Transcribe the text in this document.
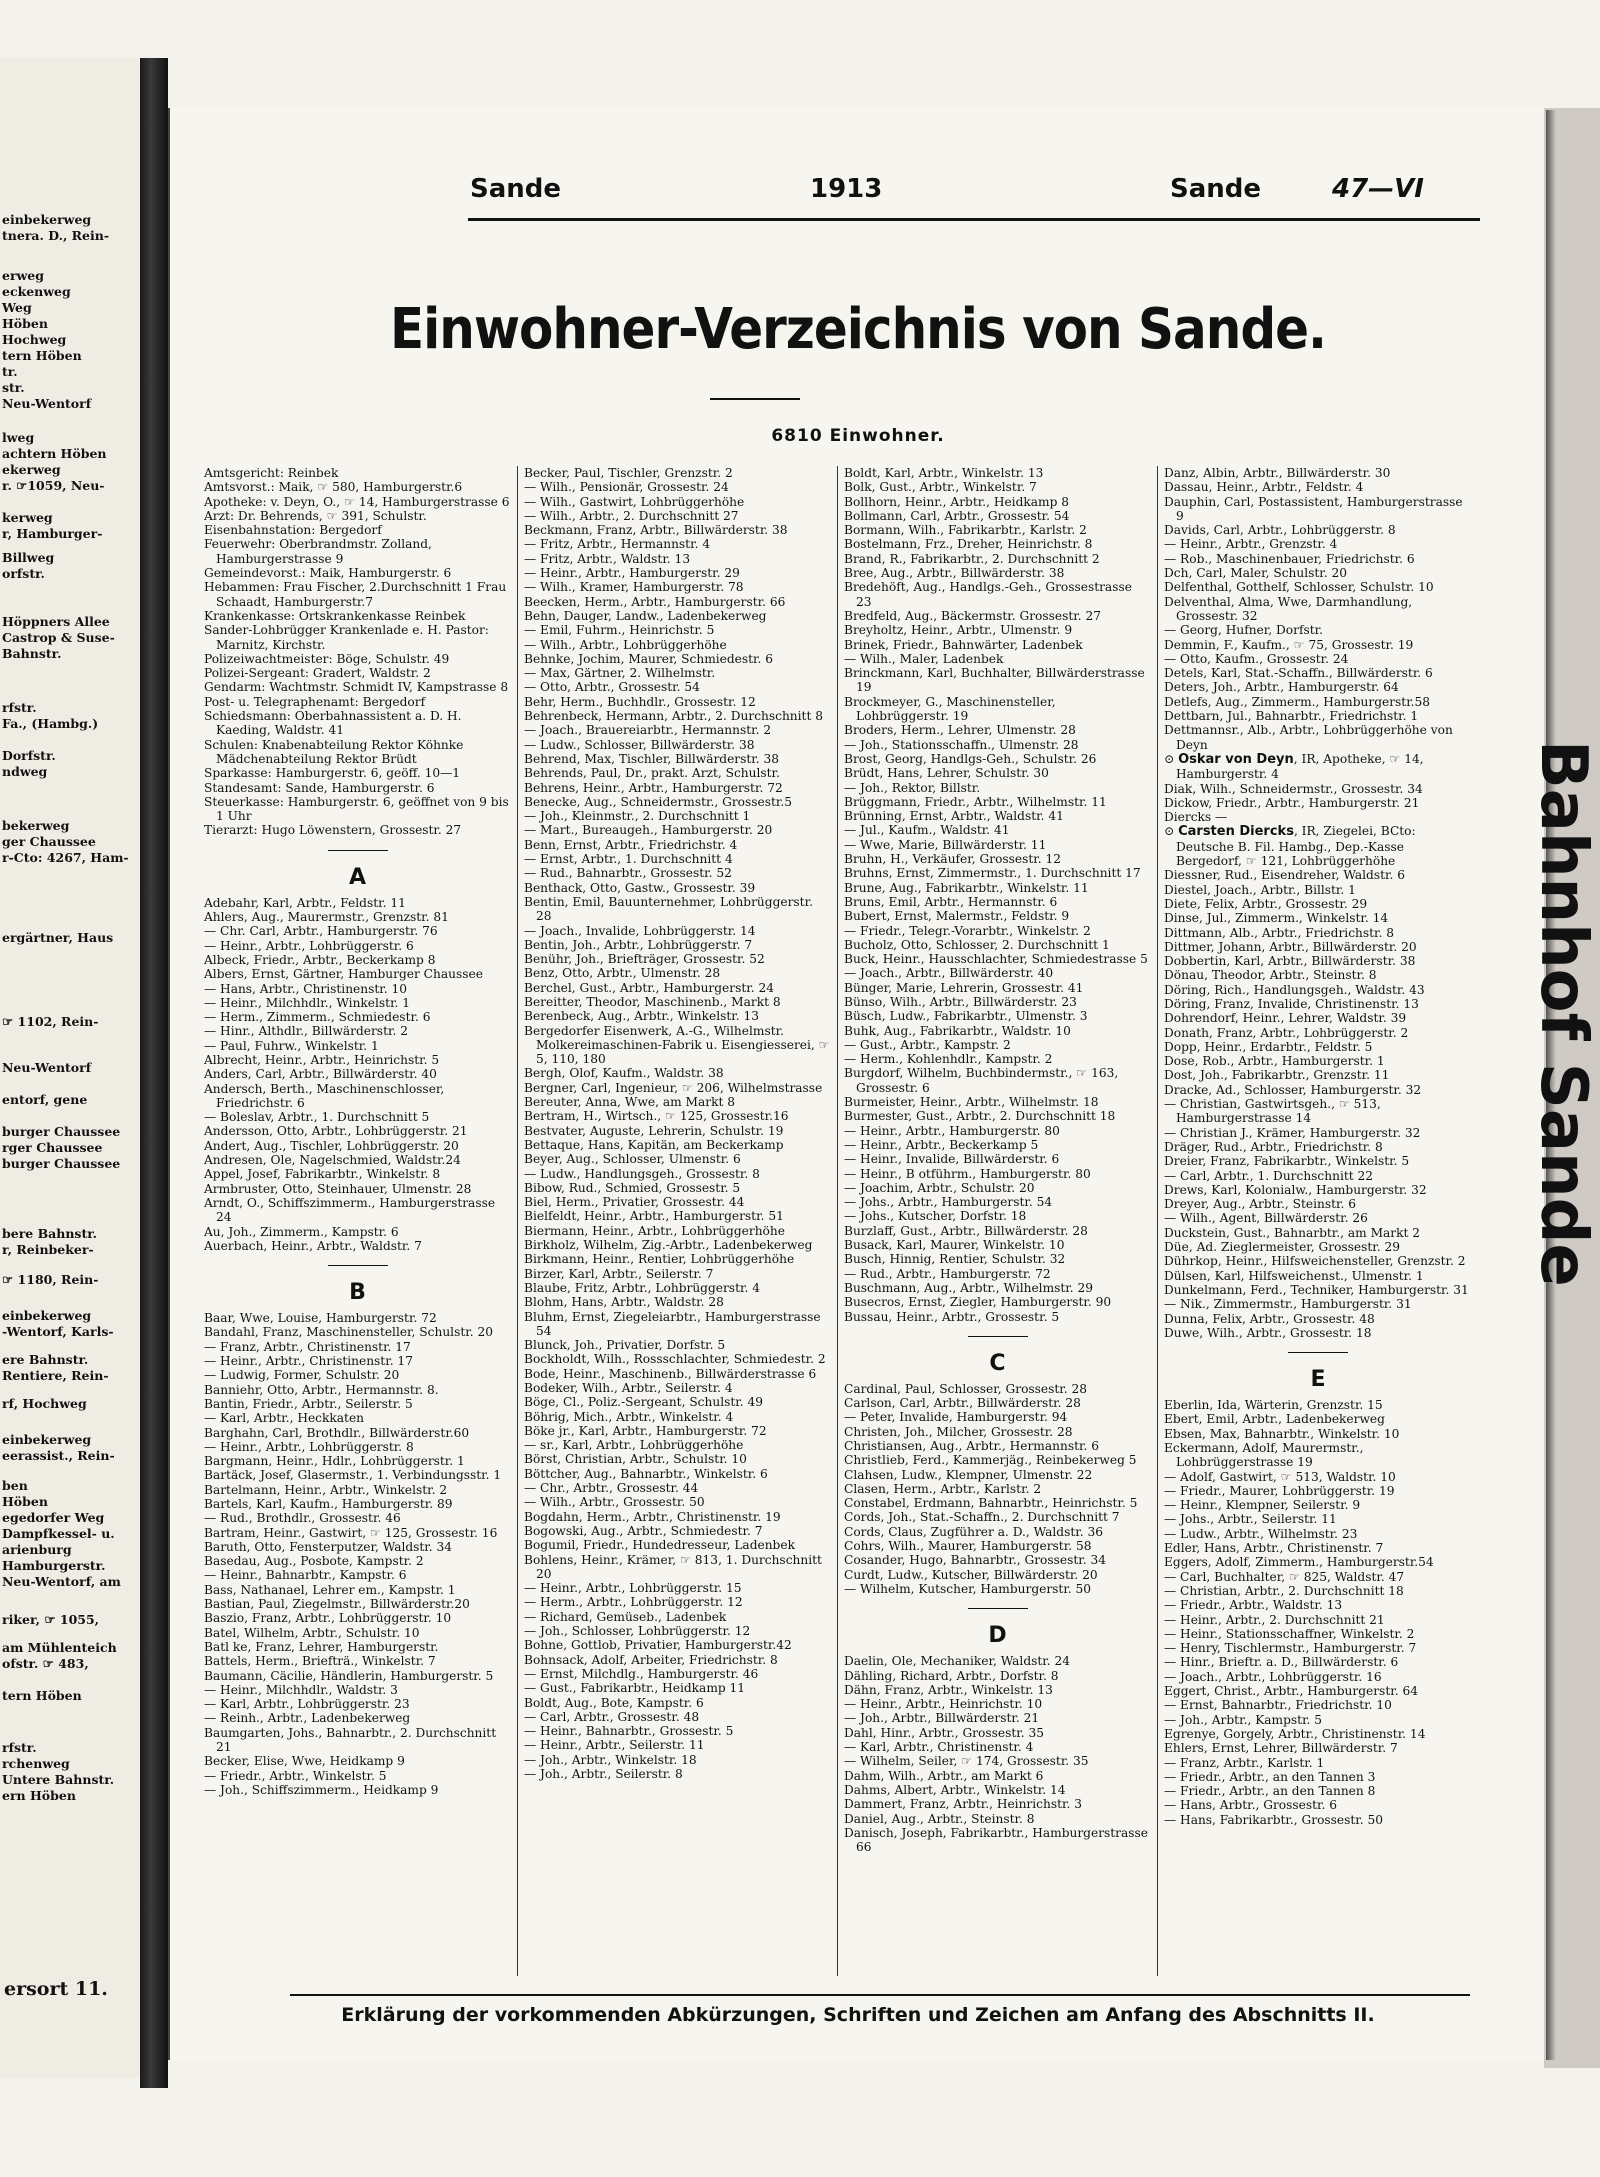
einbekerweg
tnera. D., Rein-
erweg
eckenweg
Weg
Höben
Hochweg
tern Höben
tr.
str.
Neu-Wentorf
lweg
achtern Höben
ekerweg
r. ☞1059, Neu-
kerweg
r, Hamburger-
Billweg
orfstr.
Höppners Allee
Castrop & Suse-
Bahnstr.
rfstr.
Fa., (Hambg.)
Dorfstr.
ndweg
bekerweg
ger Chaussee
r-Cto: 4267, Ham-
ergärtner, Haus
☞ 1102, Rein-
Neu-Wentorf
entorf, gene
burger Chaussee
rger Chaussee
burger Chaussee
bere Bahnstr.
r, Reinbeker-
☞ 1180, Rein-
einbekerweg
-Wentorf, Karls-
ere Bahnstr.
Rentiere, Rein-
rf, Hochweg
einbekerweg
eerassist., Rein-
ben
Höben
egedorfer Weg
Dampfkessel- u.
arienburg
Hamburgerstr.
Neu-Wentorf, am
riker, ☞ 1055,
am Mühlenteich
ofstr. ☞ 483,
tern Höben
rfstr.
rchenweg
Untere Bahnstr.
ern Höben
ersort 11.
Sande	1913	Sande	47—VI
Einwohner-Verzeichnis von Sande.
6810 Einwohner.
Amtsgericht: Reinbek
Amtsvorst.: Maik, ☞ 580, Hamburgerstr.6
Apotheke: v. Deyn, O., ☞ 14, Hamburgerstrasse 6
Arzt: Dr. Behrends, ☞ 391, Schulstr.
Eisenbahnstation: Bergedorf
Feuerwehr: Oberbrandmstr. Zolland, Hamburgerstrasse 9
Gemeindevorst.: Maik, Hamburgerstr. 6
Hebammen: Frau Fischer, 2.Durchschnitt 1 Frau Schaadt, Hamburgerstr.7
Krankenkasse: Ortskrankenkasse Reinbek
Sander-Lohbrügger Krankenlade e. H. Pastor: Marnitz, Kirchstr.
Polizeiwachtmeister: Böge, Schulstr. 49
Polizei-Sergeant: Gradert, Waldstr. 2
Gendarm: Wachtmstr. Schmidt IV, Kampstrasse 8
Post- u. Telegraphenamt: Bergedorf
Schiedsmann: Oberbahnassistent a. D. H. Kaeding, Waldstr. 41
Schulen: Knabenabteilung Rektor Köhnke Mädchenabteilung Rektor Brüdt
Sparkasse: Hamburgerstr. 6, geöff. 10—1
Standesamt: Sande, Hamburgerstr. 6
Steuerkasse: Hamburgerstr. 6, geöffnet von 9 bis 1 Uhr
Tierarzt: Hugo Löwenstern, Grossestr. 27
A
Adebahr, Karl, Arbtr., Feldstr. 11
Ahlers, Aug., Maurermstr., Grenzstr. 81
— Chr. Carl, Arbtr., Hamburgerstr. 76
— Heinr., Arbtr., Lohbrüggerstr. 6
Albeck, Friedr., Arbtr., Beckerkamp 8
Albers, Ernst, Gärtner, Hamburger Chaussee
— Hans, Arbtr., Christinenstr. 10
— Heinr., Milchhdlr., Winkelstr. 1
— Herm., Zimmerm., Schmiedestr. 6
— Hinr., Althdlr., Billwärderstr. 2
— Paul, Fuhrw., Winkelstr. 1
Albrecht, Heinr., Arbtr., Heinrichstr. 5
Anders, Carl, Arbtr., Billwärderstr. 40
Andersch, Berth., Maschinenschlosser, Friedrichstr. 6
— Boleslav, Arbtr., 1. Durchschnitt 5
Andersson, Otto, Arbtr., Lohbrüggerstr. 21
Andert, Aug., Tischler, Lohbrüggerstr. 20
Andresen, Ole, Nagelschmied, Waldstr.24
Appel, Josef, Fabrikarbtr., Winkelstr. 8
Armbruster, Otto, Steinhauer, Ulmenstr. 28
Arndt, O., Schiffszimmerm., Hamburgerstrasse 24
Au, Joh., Zimmerm., Kampstr. 6
Auerbach, Heinr., Arbtr., Waldstr. 7
B
Baar, Wwe, Louise, Hamburgerstr. 72
Bandahl, Franz, Maschinensteller, Schulstr. 20
— Franz, Arbtr., Christinenstr. 17
— Heinr., Arbtr., Christinenstr. 17
— Ludwig, Former, Schulstr. 20
Banniehr, Otto, Arbtr., Hermannstr. 8.
Bantin, Friedr., Arbtr., Seilerstr. 5
— Karl, Arbtr., Heckkaten
Barghahn, Carl, Brothdlr., Billwärderstr.60
— Heinr., Arbtr., Lohbrüggerstr. 8
Bargmann, Heinr., Hdlr., Lohbrüggerstr. 1
Bartäck, Josef, Glasermstr., 1. Verbindungsstr. 1
Bartelmann, Heinr., Arbtr., Winkelstr. 2
Bartels, Karl, Kaufm., Hamburgerstr. 89
— Rud., Brothdlr., Grossestr. 46
Bartram, Heinr., Gastwirt, ☞ 125, Grossestr. 16
Baruth, Otto, Fensterputzer, Waldstr. 34
Basedau, Aug., Posbote, Kampstr. 2
— Heinr., Bahnarbtr., Kampstr. 6
Bass, Nathanael, Lehrer em., Kampstr. 1
Bastian, Paul, Ziegelmstr., Billwärderstr.20
Baszio, Franz, Arbtr., Lohbrüggerstr. 10
Batel, Wilhelm, Arbtr., Schulstr. 10
Batl ke, Franz, Lehrer, Hamburgerstr.
Battels, Herm., Briefträ., Winkelstr. 7
Baumann, Cäcilie, Händlerin, Hamburgerstr. 5
— Heinr., Milchhdlr., Waldstr. 3
— Karl, Arbtr., Lohbrüggerstr. 23
— Reinh., Arbtr., Ladenbekerweg
Baumgarten, Johs., Bahnarbtr., 2. Durchschnitt 21
Becker, Elise, Wwe, Heidkamp 9
— Friedr., Arbtr., Winkelstr. 5
— Joh., Schiffszimmerm., Heidkamp 9
Becker, Paul, Tischler, Grenzstr. 2
— Wilh., Pensionär, Grossestr. 24
— Wilh., Gastwirt, Lohbrüggerhöhe
— Wilh., Arbtr., 2. Durchschnitt 27
Beckmann, Franz, Arbtr., Billwärderstr. 38
— Fritz, Arbtr., Hermannstr. 4
— Fritz, Arbtr., Waldstr. 13
— Heinr., Arbtr., Hamburgerstr. 29
— Wilh., Kramer, Hamburgerstr. 78
Beecken, Herm., Arbtr., Hamburgerstr. 66
Behn, Dauger, Landw., Ladenbekerweg
— Emil, Fuhrm., Heinrichstr. 5
— Wilh., Arbtr., Lohbrüggerhöhe
Behnke, Jochim, Maurer, Schmiedestr. 6
— Max, Gärtner, 2. Wilhelmstr.
— Otto, Arbtr., Grossestr. 54
Behr, Herm., Buchhdlr., Grossestr. 12
Behrenbeck, Hermann, Arbtr., 2. Durchschnitt 8
— Joach., Brauereiarbtr., Hermannstr. 2
— Ludw., Schlosser, Billwärderstr. 38
Behrend, Max, Tischler, Billwärderstr. 38
Behrends, Paul, Dr., prakt. Arzt, Schulstr.
Behrens, Heinr., Arbtr., Hamburgerstr. 72
Benecke, Aug., Schneidermstr., Grossestr.5
— Joh., Kleinmstr., 2. Durchschnitt 1
— Mart., Bureaugeh., Hamburgerstr. 20
Benn, Ernst, Arbtr., Friedrichstr. 4
— Ernst, Arbtr., 1. Durchschnitt 4
— Rud., Bahnarbtr., Grossestr. 52
Benthack, Otto, Gastw., Grossestr. 39
Bentin, Emil, Bauunternehmer, Lohbrüggerstr. 28
— Joach., Invalide, Lohbrüggerstr. 14
Bentin, Joh., Arbtr., Lohbrüggerstr. 7
Benühr, Joh., Briefträger, Grossestr. 52
Benz, Otto, Arbtr., Ulmenstr. 28
Berchel, Gust., Arbtr., Hamburgerstr. 24
Bereitter, Theodor, Maschinenb., Markt 8
Berenbeck, Aug., Arbtr., Winkelstr. 13
Bergedorfer Eisenwerk, A.-G., Wilhelmstr. Molkereimaschinen-Fabrik u. Eisengiesserei, ☞ 5, 110, 180
Bergh, Olof, Kaufm., Waldstr. 38
Bergner, Carl, Ingenieur, ☞ 206, Wilhelmstrasse
Bereuter, Anna, Wwe, am Markt 8
Bertram, H., Wirtsch., ☞ 125, Grossestr.16
Bestvater, Auguste, Lehrerin, Schulstr. 19
Bettaque, Hans, Kapitän, am Beckerkamp
Beyer, Aug., Schlosser, Ulmenstr. 6
— Ludw., Handlungsgeh., Grossestr. 8
Bibow, Rud., Schmied, Grossestr. 5
Biel, Herm., Privatier, Grossestr. 44
Bielfeldt, Heinr., Arbtr., Hamburgerstr. 51
Biermann, Heinr., Arbtr., Lohbrüggerhöhe
Birkholz, Wilhelm, Zig.-Arbtr., Ladenbekerweg
Birkmann, Heinr., Rentier, Lohbrüggerhöhe
Birzer, Karl, Arbtr., Seilerstr. 7
Blaube, Fritz, Arbtr., Lohbrüggerstr. 4
Blohm, Hans, Arbtr., Waldstr. 28
Bluhm, Ernst, Ziegeleiarbtr., Hamburgerstrasse 54
Blunck, Joh., Privatier, Dorfstr. 5
Bockholdt, Wilh., Rossschlachter, Schmiedestr. 2
Bode, Heinr., Maschinenb., Billwärderstrasse 6
Bodeker, Wilh., Arbtr., Seilerstr. 4
Böge, Cl., Poliz.-Sergeant, Schulstr. 49
Böhrig, Mich., Arbtr., Winkelstr. 4
Böke jr., Karl, Arbtr., Hamburgerstr. 72
— sr., Karl, Arbtr., Lohbrüggerhöhe
Börst, Christian, Arbtr., Schulstr. 10
Böttcher, Aug., Bahnarbtr., Winkelstr. 6
— Chr., Arbtr., Grossestr. 44
— Wilh., Arbtr., Grossestr. 50
Bogdahn, Herm., Arbtr., Christinenstr. 19
Bogowski, Aug., Arbtr., Schmiedestr. 7
Bogumil, Friedr., Hundedresseur, Ladenbek
Bohlens, Heinr., Krämer, ☞ 813, 1. Durchschnitt 20
— Heinr., Arbtr., Lohbrüggerstr. 15
— Herm., Arbtr., Lohbrüggerstr. 12
— Richard, Gemüseb., Ladenbek
— Joh., Schlosser, Lohbrüggerstr. 12
Bohne, Gottlob, Privatier, Hamburgerstr.42
Bohnsack, Adolf, Arbeiter, Friedrichstr. 8
— Ernst, Milchdlg., Hamburgerstr. 46
— Gust., Fabrikarbtr., Heidkamp 11
Boldt, Aug., Bote, Kampstr. 6
— Carl, Arbtr., Grossestr. 48
— Heinr., Bahnarbtr., Grossestr. 5
— Heinr., Arbtr., Seilerstr. 11
— Joh., Arbtr., Winkelstr. 18
— Joh., Arbtr., Seilerstr. 8
Boldt, Karl, Arbtr., Winkelstr. 13
Bolk, Gust., Arbtr., Winkelstr. 7
Bollhorn, Heinr., Arbtr., Heidkamp 8
Bollmann, Carl, Arbtr., Grossestr. 54
Bormann, Wilh., Fabrikarbtr., Karlstr. 2
Bostelmann, Frz., Dreher, Heinrichstr. 8
Brand, R., Fabrikarbtr., 2. Durchschnitt 2
Bree, Aug., Arbtr., Billwärderstr. 38
Bredehöft, Aug., Handlgs.-Geh., Grossestrasse 23
Bredfeld, Aug., Bäckermstr. Grossestr. 27
Breyholtz, Heinr., Arbtr., Ulmenstr. 9
Brinek, Friedr., Bahnwärter, Ladenbek
— Wilh., Maler, Ladenbek
Brinckmann, Karl, Buchhalter, Billwärderstrasse 19
Brockmeyer, G., Maschinensteller, Lohbrüggerstr. 19
Broders, Herm., Lehrer, Ulmenstr. 28
— Joh., Stationsschaffn., Ulmenstr. 28
Brost, Georg, Handlgs-Geh., Schulstr. 26
Brüdt, Hans, Lehrer, Schulstr. 30
— Joh., Rektor, Billstr.
Brüggmann, Friedr., Arbtr., Wilhelmstr. 11
Brünning, Ernst, Arbtr., Waldstr. 41
— Jul., Kaufm., Waldstr. 41
— Wwe, Marie, Billwärderstr. 11
Bruhn, H., Verkäufer, Grossestr. 12
Bruhns, Ernst, Zimmermstr., 1. Durchschnitt 17
Brune, Aug., Fabrikarbtr., Winkelstr. 11
Bruns, Emil, Arbtr., Hermannstr. 6
Bubert, Ernst, Malermstr., Feldstr. 9
— Friedr., Telegr.-Vorarbtr., Winkelstr. 2
Bucholz, Otto, Schlosser, 2. Durchschnitt 1
Buck, Heinr., Hausschlachter, Schmiedestrasse 5
— Joach., Arbtr., Billwärderstr. 40
Bünger, Marie, Lehrerin, Grossestr. 41
Bünso, Wilh., Arbtr., Billwärderstr. 23
Büsch, Ludw., Fabrikarbtr., Ulmenstr. 3
Buhk, Aug., Fabrikarbtr., Waldstr. 10
— Gust., Arbtr., Kampstr. 2
— Herm., Kohlenhdlr., Kampstr. 2
Burgdorf, Wilhelm, Buchbindermstr., ☞ 163, Grossestr. 6
Burmeister, Heinr., Arbtr., Wilhelmstr. 18
Burmester, Gust., Arbtr., 2. Durchschnitt 18
— Heinr., Arbtr., Hamburgerstr. 80
— Heinr., Arbtr., Beckerkamp 5
— Heinr., Invalide, Billwärderstr. 6
— Heinr., B otführm., Hamburgerstr. 80
— Joachim, Arbtr., Schulstr. 20
— Johs., Arbtr., Hamburgerstr. 54
— Johs., Kutscher, Dorfstr. 18
Burzlaff, Gust., Arbtr., Billwärderstr. 28
Busack, Karl, Maurer, Winkelstr. 10
Busch, Hinnig, Rentier, Schulstr. 32
— Rud., Arbtr., Hamburgerstr. 72
Buschmann, Aug., Arbtr., Wilhelmstr. 29
Busecros, Ernst, Ziegler, Hamburgerstr. 90
Bussau, Heinr., Arbtr., Grossestr. 5
C
Cardinal, Paul, Schlosser, Grossestr. 28
Carlson, Carl, Arbtr., Billwärderstr. 28
— Peter, Invalide, Hamburgerstr. 94
Christen, Joh., Milcher, Grossestr. 28
Christiansen, Aug., Arbtr., Hermannstr. 6
Christlieb, Ferd., Kammerjäg., Reinbekerweg 5
Clahsen, Ludw., Klempner, Ulmenstr. 22
Clasen, Herm., Arbtr., Karlstr. 2
Constabel, Erdmann, Bahnarbtr., Heinrichstr. 5
Cords, Joh., Stat.-Schaffn., 2. Durchschnitt 7
Cords, Claus, Zugführer a. D., Waldstr. 36
Cohrs, Wilh., Maurer, Hamburgerstr. 58
Cosander, Hugo, Bahnarbtr., Grossestr. 34
Curdt, Ludw., Kutscher, Billwärderstr. 20
— Wilhelm, Kutscher, Hamburgerstr. 50
D
Daelin, Ole, Mechaniker, Waldstr. 24
Dähling, Richard, Arbtr., Dorfstr. 8
Dähn, Franz, Arbtr., Winkelstr. 13
— Heinr., Arbtr., Heinrichstr. 10
— Joh., Arbtr., Billwärderstr. 21
Dahl, Hinr., Arbtr., Grossestr. 35
— Karl, Arbtr., Christinenstr. 4
— Wilhelm, Seiler, ☞ 174, Grossestr. 35
Dahm, Wilh., Arbtr., am Markt 6
Dahms, Albert, Arbtr., Winkelstr. 14
Dammert, Franz, Arbtr., Heinrichstr. 3
Daniel, Aug., Arbtr., Steinstr. 8
Danisch, Joseph, Fabrikarbtr., Hamburgerstrasse 66
Danz, Albin, Arbtr., Billwärderstr. 30
Dassau, Heinr., Arbtr., Feldstr. 4
Dauphin, Carl, Postassistent, Hamburgerstrasse 9
Davids, Carl, Arbtr., Lohbrüggerstr. 8
— Heinr., Arbtr., Grenzstr. 4
— Rob., Maschinenbauer, Friedrichstr. 6
Dch, Carl, Maler, Schulstr. 20
Delfenthal, Gotthelf, Schlosser, Schulstr. 10
Delventhal, Alma, Wwe, Darmhandlung, Grossestr. 32
— Georg, Hufner, Dorfstr.
Demmin, F., Kaufm., ☞ 75, Grossestr. 19
— Otto, Kaufm., Grossestr. 24
Detels, Karl, Stat.-Schaffn., Billwärderstr. 6
Deters, Joh., Arbtr., Hamburgerstr. 64
Detlefs, Aug., Zimmerm., Hamburgerstr.58
Dettbarn, Jul., Bahnarbtr., Friedrichstr. 1
Dettmannsr., Alb., Arbtr., Lohbrüggerhöhe von Deyn
⊙ Oskar von Deyn, IR, Apotheke, ☞ 14, Hamburgerstr. 4
Diak, Wilh., Schneidermstr., Grossestr. 34
Dickow, Friedr., Arbtr., Hamburgerstr. 21
Diercks —
⊙ Carsten Diercks, IR, Ziegelei, BCto: Deutsche B. Fil. Hambg., Dep.-Kasse Bergedorf, ☞ 121, Lohbrüggerhöhe
Diessner, Rud., Eisendreher, Waldstr. 6
Diestel, Joach., Arbtr., Billstr. 1
Diete, Felix, Arbtr., Grossestr. 29
Dinse, Jul., Zimmerm., Winkelstr. 14
Dittmann, Alb., Arbtr., Friedrichstr. 8
Dittmer, Johann, Arbtr., Billwärderstr. 20
Dobbertin, Karl, Arbtr., Billwärderstr. 38
Dönau, Theodor, Arbtr., Steinstr. 8
Döring, Rich., Handlungsgeh., Waldstr. 43
Döring, Franz, Invalide, Christinenstr. 13
Dohrendorf, Heinr., Lehrer, Waldstr. 39
Donath, Franz, Arbtr., Lohbrüggerstr. 2
Dopp, Heinr., Erdarbtr., Feldstr. 5
Dose, Rob., Arbtr., Hamburgerstr. 1
Dost, Joh., Fabrikarbtr., Grenzstr. 11
Dracke, Ad., Schlosser, Hamburgerstr. 32
— Christian, Gastwirtsgeh., ☞ 513, Hamburgerstrasse 14
— Christian J., Krämer, Hamburgerstr. 32
Dräger, Rud., Arbtr., Friedrichstr. 8
Dreier, Franz, Fabrikarbtr., Winkelstr. 5
— Carl, Arbtr., 1. Durchschnitt 22
Drews, Karl, Kolonialw., Hamburgerstr. 32
Dreyer, Aug., Arbtr., Steinstr. 6
— Wilh., Agent, Billwärderstr. 26
Duckstein, Gust., Bahnarbtr., am Markt 2
Düe, Ad. Zieglermeister, Grossestr. 29
Dührkop, Heinr., Hilfsweichensteller, Grenzstr. 2
Dülsen, Karl, Hilfsweichenst., Ulmenstr. 1
Dunkelmann, Ferd., Techniker, Hamburgerstr. 31
— Nik., Zimmermstr., Hamburgerstr. 31
Dunna, Felix, Arbtr., Grossestr. 48
Duwe, Wilh., Arbtr., Grossestr. 18
E
Eberlin, Ida, Wärterin, Grenzstr. 15
Ebert, Emil, Arbtr., Ladenbekerweg
Ebsen, Max, Bahnarbtr., Winkelstr. 10
Eckermann, Adolf, Maurermstr., Lohbrüggerstrasse 19
— Adolf, Gastwirt, ☞ 513, Waldstr. 10
— Friedr., Maurer, Lohbrüggerstr. 19
— Heinr., Klempner, Seilerstr. 9
— Johs., Arbtr., Seilerstr. 11
— Ludw., Arbtr., Wilhelmstr. 23
Edler, Hans, Arbtr., Christinenstr. 7
Eggers, Adolf, Zimmerm., Hamburgerstr.54
— Carl, Buchhalter, ☞ 825, Waldstr. 47
— Christian, Arbtr., 2. Durchschnitt 18
— Friedr., Arbtr., Waldstr. 13
— Heinr., Arbtr., 2. Durchschnitt 21
— Heinr., Stationsschaffner, Winkelstr. 2
— Henry, Tischlermstr., Hamburgerstr. 7
— Hinr., Brieftr. a. D., Billwärderstr. 6
— Joach., Arbtr., Lohbrüggerstr. 16
Eggert, Christ., Arbtr., Hamburgerstr. 64
— Ernst, Bahnarbtr., Friedrichstr. 10
— Joh., Arbtr., Kampstr. 5
Egrenye, Gorgely, Arbtr., Christinenstr. 14
Ehlers, Ernst, Lehrer, Billwärderstr. 7
— Franz, Arbtr., Karlstr. 1
— Friedr., Arbtr., an den Tannen 3
— Friedr., Arbtr., an den Tannen 8
— Hans, Arbtr., Grossestr. 6
— Hans, Fabrikarbtr., Grossestr. 50
Erklärung der vorkommenden Abkürzungen, Schriften und Zeichen am Anfang des Abschnitts II.
Bahnhof Sande
